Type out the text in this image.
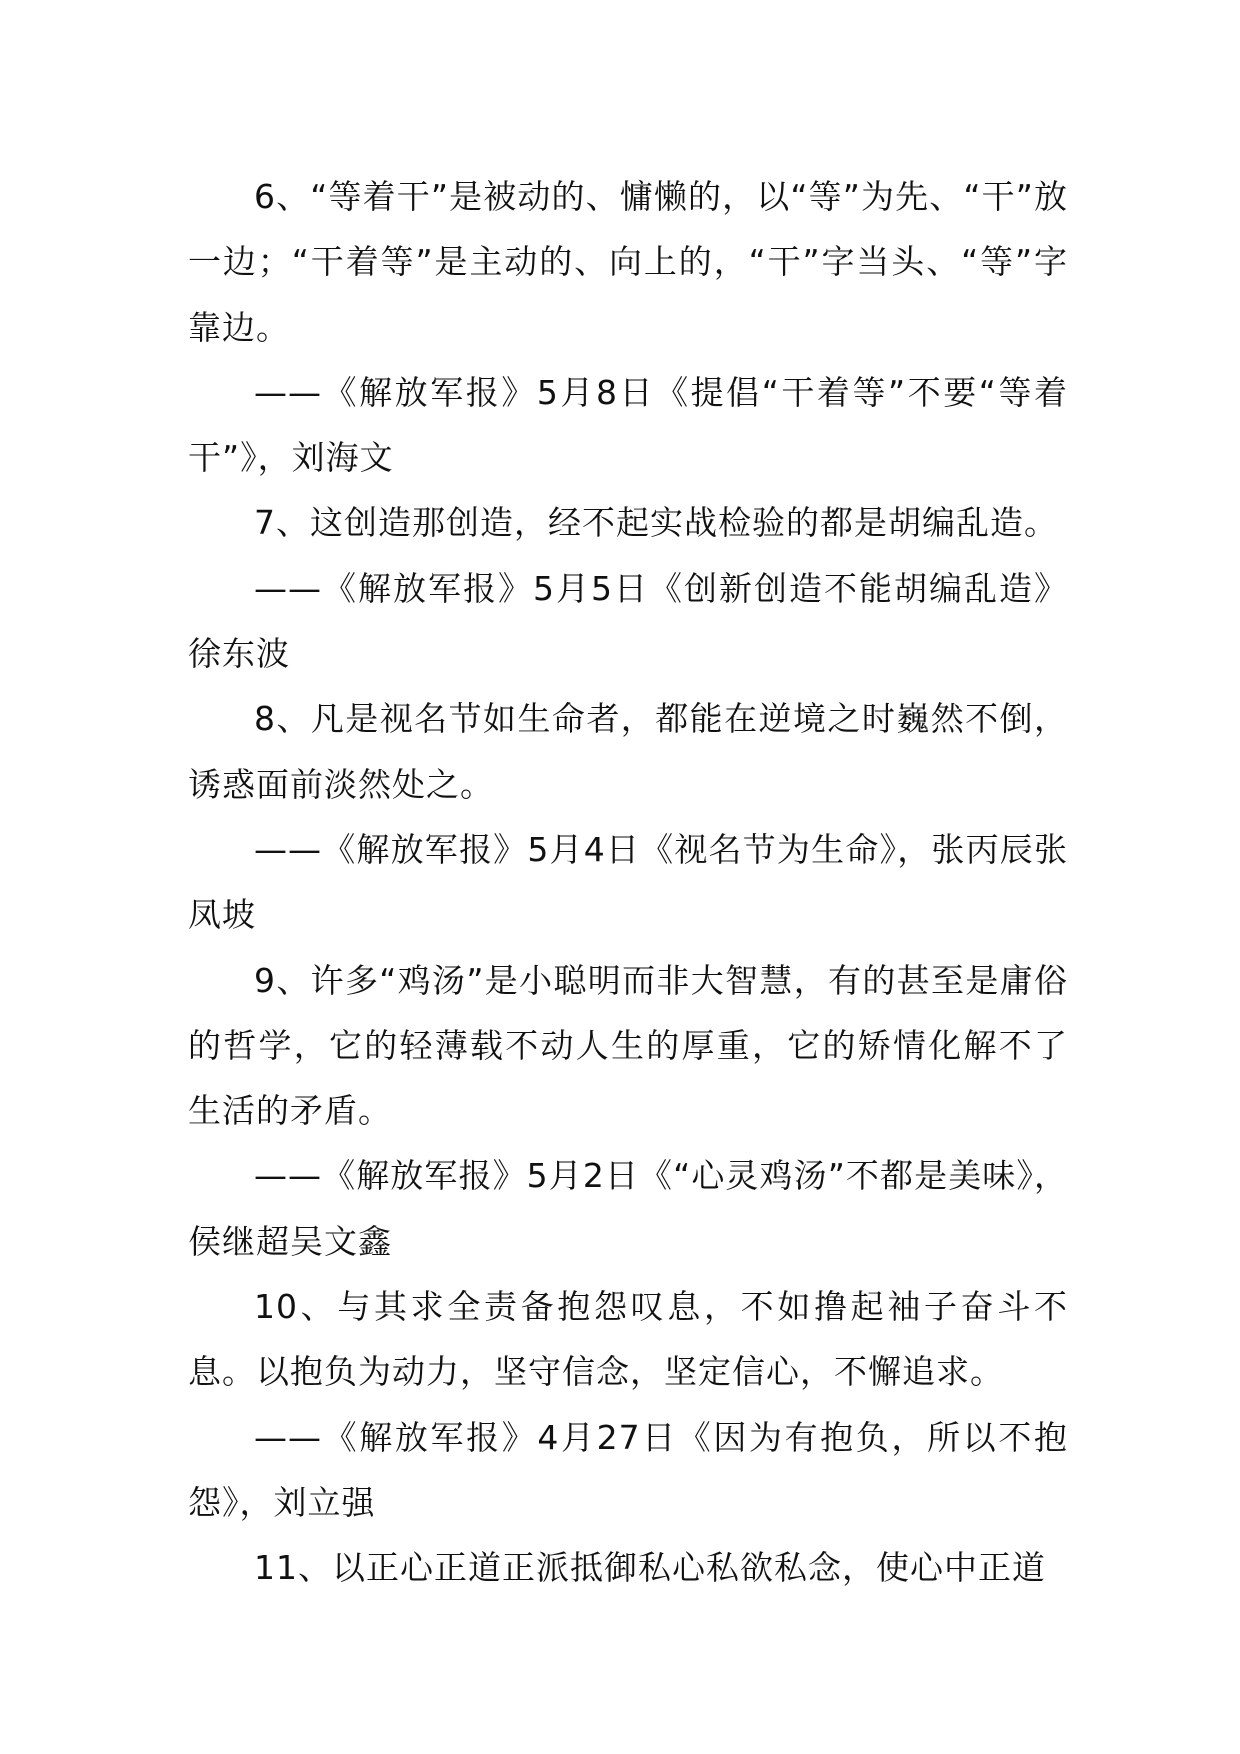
6、“等着干”是被动的、慵懒的，以“等”为先、“干”放一边；“干着等”是主动的、向上的，“干”字当头、“等”字靠边。

——《解放军报》5月8日《提倡“干着等”不要“等着干”》，刘海文

7、这创造那创造，经不起实战检验的都是胡编乱造。

——《解放军报》5月5日《创新创造不能胡编乱造》徐东波

8、凡是视名节如生命者，都能在逆境之时巍然不倒，诱惑面前淡然处之。

——《解放军报》5月4日《视名节为生命》，张丙辰张凤坡

9、许多“鸡汤”是小聪明而非大智慧，有的甚至是庸俗的哲学，它的轻薄载不动人生的厚重，它的矫情化解不了生活的矛盾。

——《解放军报》5月2日《“心灵鸡汤”不都是美味》，侯继超吴文鑫

10、与其求全责备抱怨叹息，不如撸起袖子奋斗不息。以抱负为动力，坚守信念，坚定信心，不懈追求。

——《解放军报》4月27日《因为有抱负，所以不抱怨》，刘立强

11、以正心正道正派抵御私心私欲私念，使心中正道
